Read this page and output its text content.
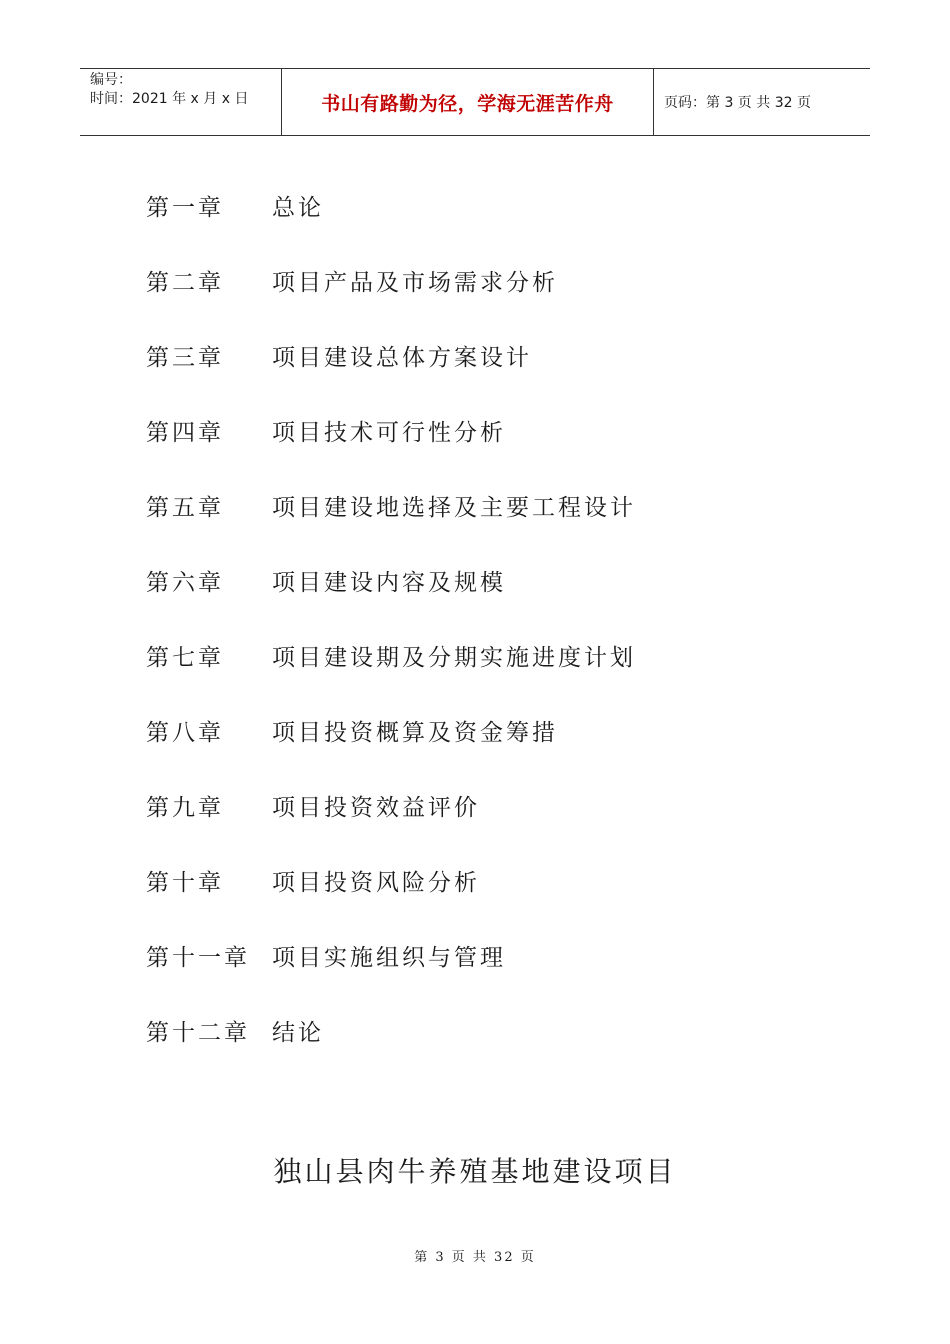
编号：
时间：2021 年 x 月 x 日	书山有路勤为径，学海无涯苦作舟	页码：第 3 页 共 32 页
第一章	总论
第二章	项目产品及市场需求分析
第三章	项目建设总体方案设计
第四章	项目技术可行性分析
第五章	项目建设地选择及主要工程设计
第六章	项目建设内容及规模
第七章	项目建设期及分期实施进度计划
第八章	项目投资概算及资金筹措
第九章	项目投资效益评价
第十章	项目投资风险分析
第十一章 项目实施组织与管理
第十二章 结论
独山县肉牛养殖基地建设项目
第 3 页 共 32 页
